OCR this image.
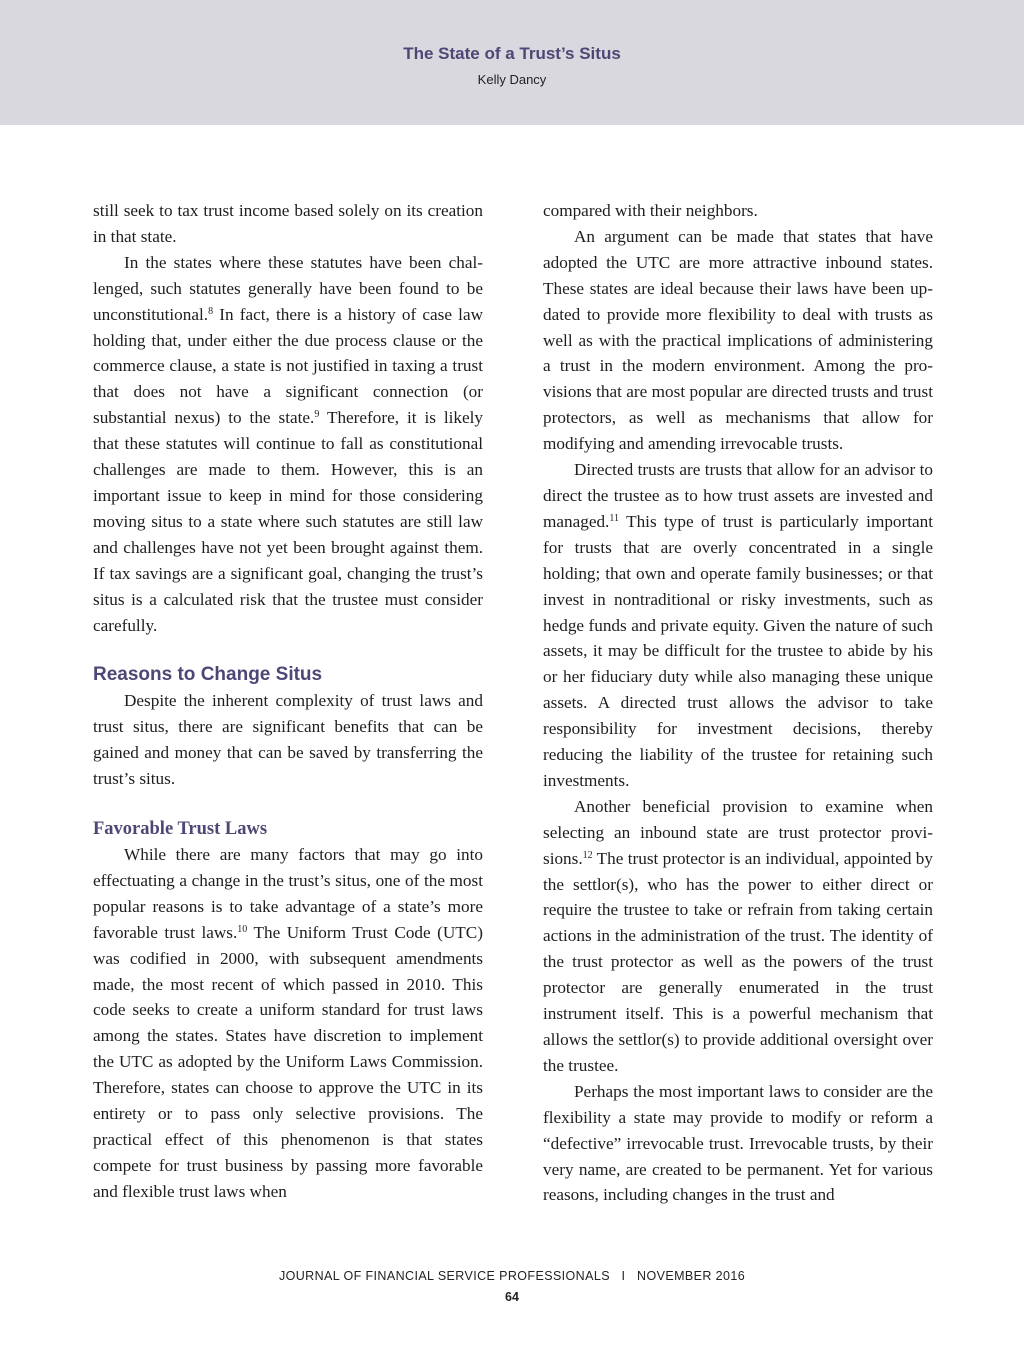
The State of a Trust’s Situs
Kelly Dancy

still seek to tax trust income based solely on its creation in that state.

In the states where these statutes have been challenged, such statutes generally have been found to be unconstitutional.$^8$ In fact, there is a history of case law holding that, under either the due process clause or the commerce clause, a state is not justified in taxing a trust that does not have a significant connection (or substantial nexus) to the state.$^9$ Therefore, it is likely that these statutes will continue to fall as constitutional challenges are made to them. However, this is an important issue to keep in mind for those considering moving situs to a state where such statutes are still law and challenges have not yet been brought against them. If tax savings are a significant goal, changing the trust’s situs is a calculated risk that the trustee must consider carefully.

Reasons to Change Situs

Despite the inherent complexity of trust laws and trust situs, there are significant benefits that can be gained and money that can be saved by transferring the trust’s situs.

Favorable Trust Laws

While there are many factors that may go into effectuating a change in the trust’s situs, one of the most popular reasons is to take advantage of a state’s more favorable trust laws.$^{10}$ The Uniform Trust Code (UTC) was codified in 2000, with subsequent amendments made, the most recent of which passed in 2010. This code seeks to create a uniform standard for trust laws among the states. States have discretion to implement the UTC as adopted by the Uniform Laws Commission. Therefore, states can choose to approve the UTC in its entirety or to pass only selective provisions. The practical effect of this phenomenon is that states compete for trust business by passing more favorable and flexible trust laws when

compared with their neighbors.

An argument can be made that states that have adopted the UTC are more attractive inbound states. These states are ideal because their laws have been updated to provide more flexibility to deal with trusts as well as with the practical implications of administering a trust in the modern environment. Among the provisions that are most popular are directed trusts and trust protectors, as well as mechanisms that allow for modifying and amending irrevocable trusts.

Directed trusts are trusts that allow for an advisor to direct the trustee as to how trust assets are invested and managed.$^{11}$ This type of trust is particularly important for trusts that are overly concentrated in a single holding; that own and operate family businesses; or that invest in nontraditional or risky investments, such as hedge funds and private equity. Given the nature of such assets, it may be difficult for the trustee to abide by his or her fiduciary duty while also managing these unique assets. A directed trust allows the advisor to take responsibility for investment decisions, thereby reducing the liability of the trustee for retaining such investments.

Another beneficial provision to examine when selecting an inbound state are trust protector provisions.$^{12}$ The trust protector is an individual, appointed by the settlor(s), who has the power to either direct or require the trustee to take or refrain from taking certain actions in the administration of the trust. The identity of the trust protector as well as the powers of the trust protector are generally enumerated in the trust instrument itself. This is a powerful mechanism that allows the settlor(s) to provide additional oversight over the trustee.

Perhaps the most important laws to consider are the flexibility a state may provide to modify or reform a “defective” irrevocable trust. Irrevocable trusts, by their very name, are created to be permanent. Yet for various reasons, including changes in the trust and

JOURNAL OF FINANCIAL SERVICE PROFESSIONALS   I   NOVEMBER 2016
64
